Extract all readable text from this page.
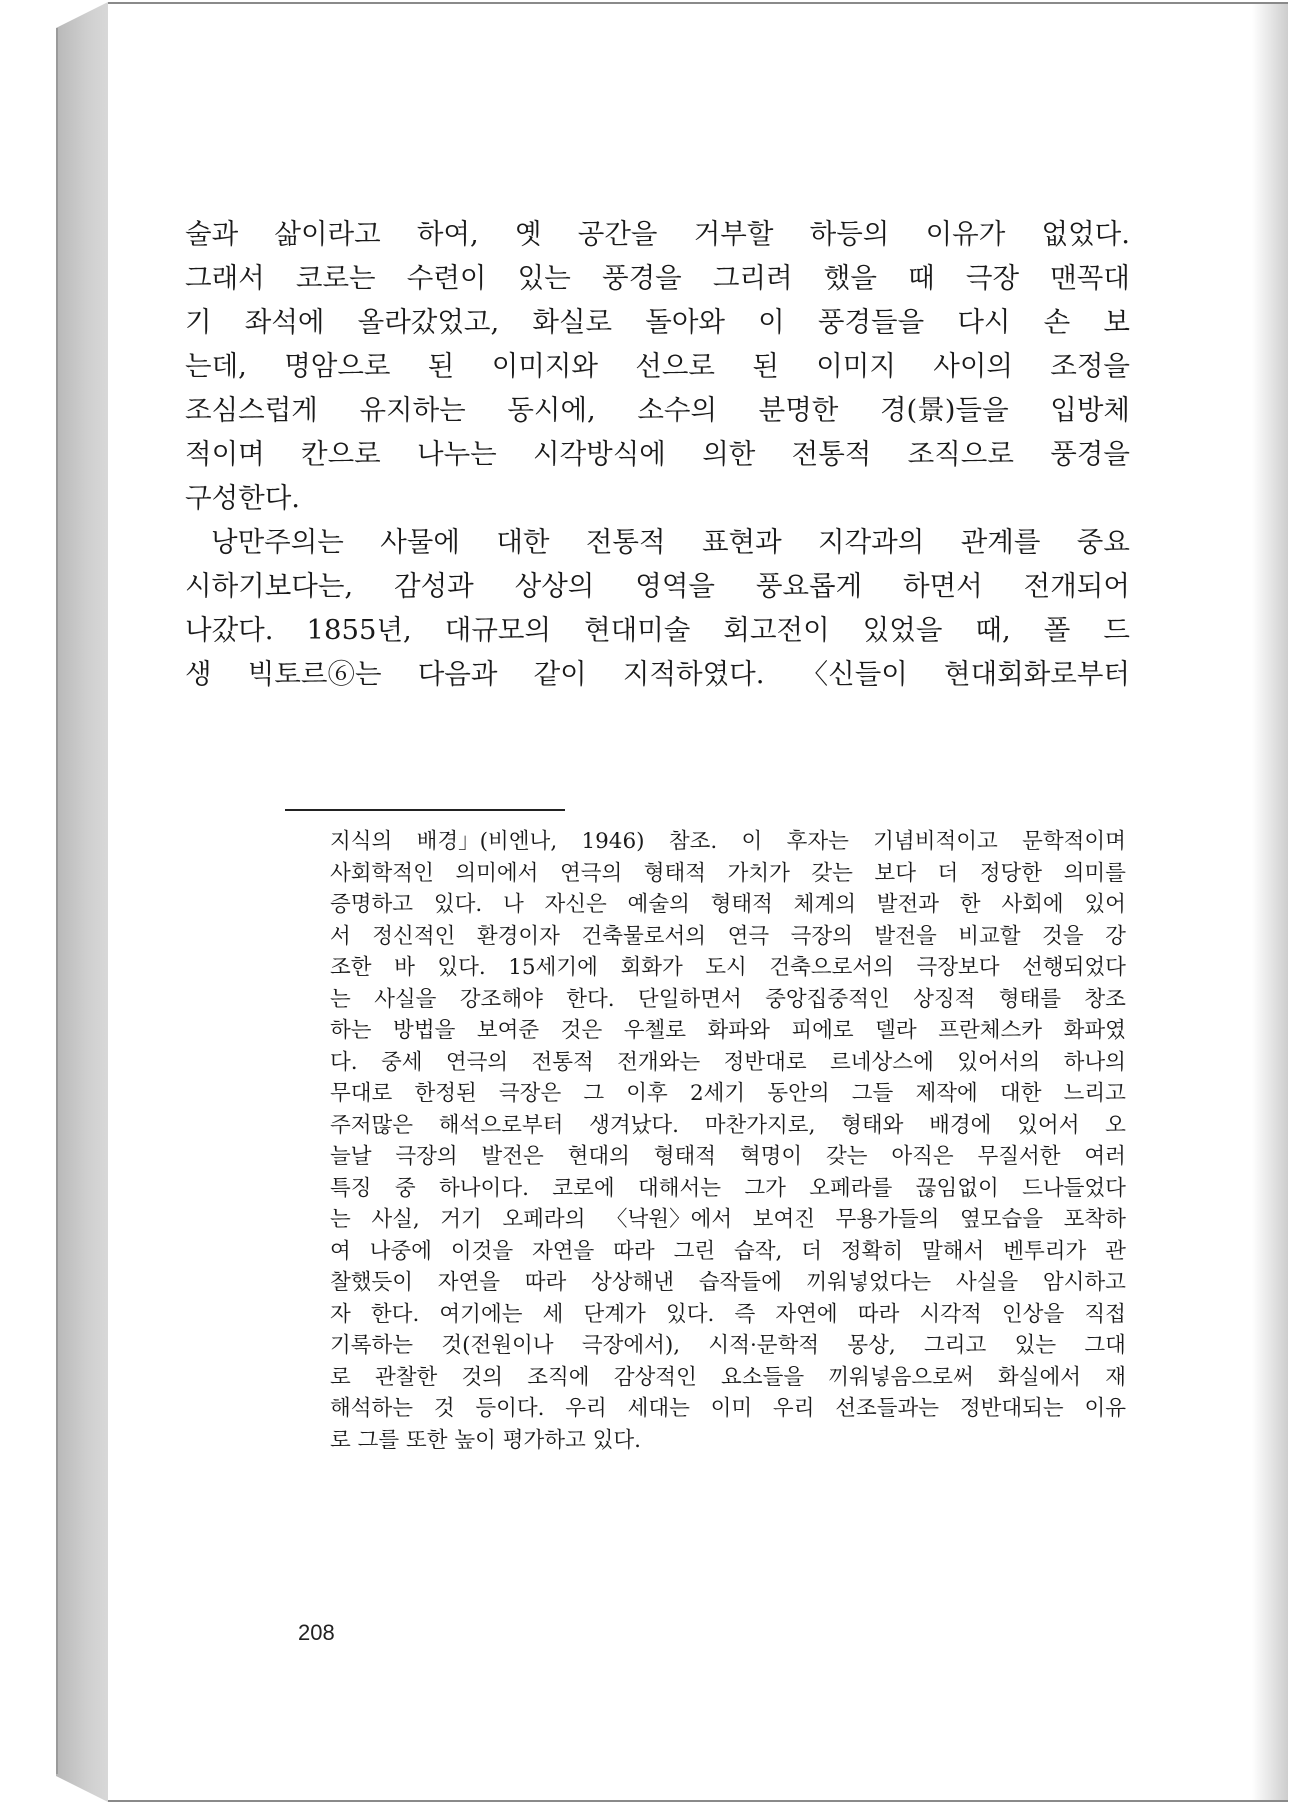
술과 삶이라고 하여, 옛 공간을 거부할 하등의 이유가 없었다.
그래서 코로는 수련이 있는 풍경을 그리려 했을 때 극장 맨꼭대
기 좌석에 올라갔었고, 화실로 돌아와 이 풍경들을 다시 손 보
는데, 명암으로 된 이미지와 선으로 된 이미지 사이의 조정을
조심스럽게 유지하는 동시에, 소수의 분명한 경(景)들을 입방체
적이며 칸으로 나누는 시각방식에 의한 전통적 조직으로 풍경을
구성한다.
낭만주의는 사물에 대한 전통적 표현과 지각과의 관계를 중요
시하기보다는, 감성과 상상의 영역을 풍요롭게 하면서 전개되어
나갔다. 1855년, 대규모의 현대미술 회고전이 있었을 때, 폴 드
생 빅토르⑥는 다음과 같이 지적하였다. 〈신들이 현대회화로부터
지식의 배경」(비엔나, 1946) 참조. 이 후자는 기념비적이고 문학적이며
사회학적인 의미에서 연극의 형태적 가치가 갖는 보다 더 정당한 의미를
증명하고 있다. 나 자신은 예술의 형태적 체계의 발전과 한 사회에 있어
서 정신적인 환경이자 건축물로서의 연극 극장의 발전을 비교할 것을 강
조한 바 있다. 15세기에 회화가 도시 건축으로서의 극장보다 선행되었다
는 사실을 강조해야 한다. 단일하면서 중앙집중적인 상징적 형태를 창조
하는 방법을 보여준 것은 우첼로 화파와 피에로 델라 프란체스카 화파였
다. 중세 연극의 전통적 전개와는 정반대로 르네상스에 있어서의 하나의
무대로 한정된 극장은 그 이후 2세기 동안의 그들 제작에 대한 느리고
주저많은 해석으로부터 생겨났다. 마찬가지로, 형태와 배경에 있어서 오
늘날 극장의 발전은 현대의 형태적 혁명이 갖는 아직은 무질서한 여러
특징 중 하나이다. 코로에 대해서는 그가 오페라를 끊임없이 드나들었다
는 사실, 거기 오페라의 〈낙원〉에서 보여진 무용가들의 옆모습을 포착하
여 나중에 이것을 자연을 따라 그린 습작, 더 정확히 말해서 벤투리가 관
찰했듯이 자연을 따라 상상해낸 습작들에 끼워넣었다는 사실을 암시하고
자 한다. 여기에는 세 단계가 있다. 즉 자연에 따라 시각적 인상을 직접
기록하는 것(전원이나 극장에서), 시적·문학적 몽상, 그리고 있는 그대
로 관찰한 것의 조직에 감상적인 요소들을 끼워넣음으로써 화실에서 재
해석하는 것 등이다. 우리 세대는 이미 우리 선조들과는 정반대되는 이유
로 그를 또한 높이 평가하고 있다.
208
